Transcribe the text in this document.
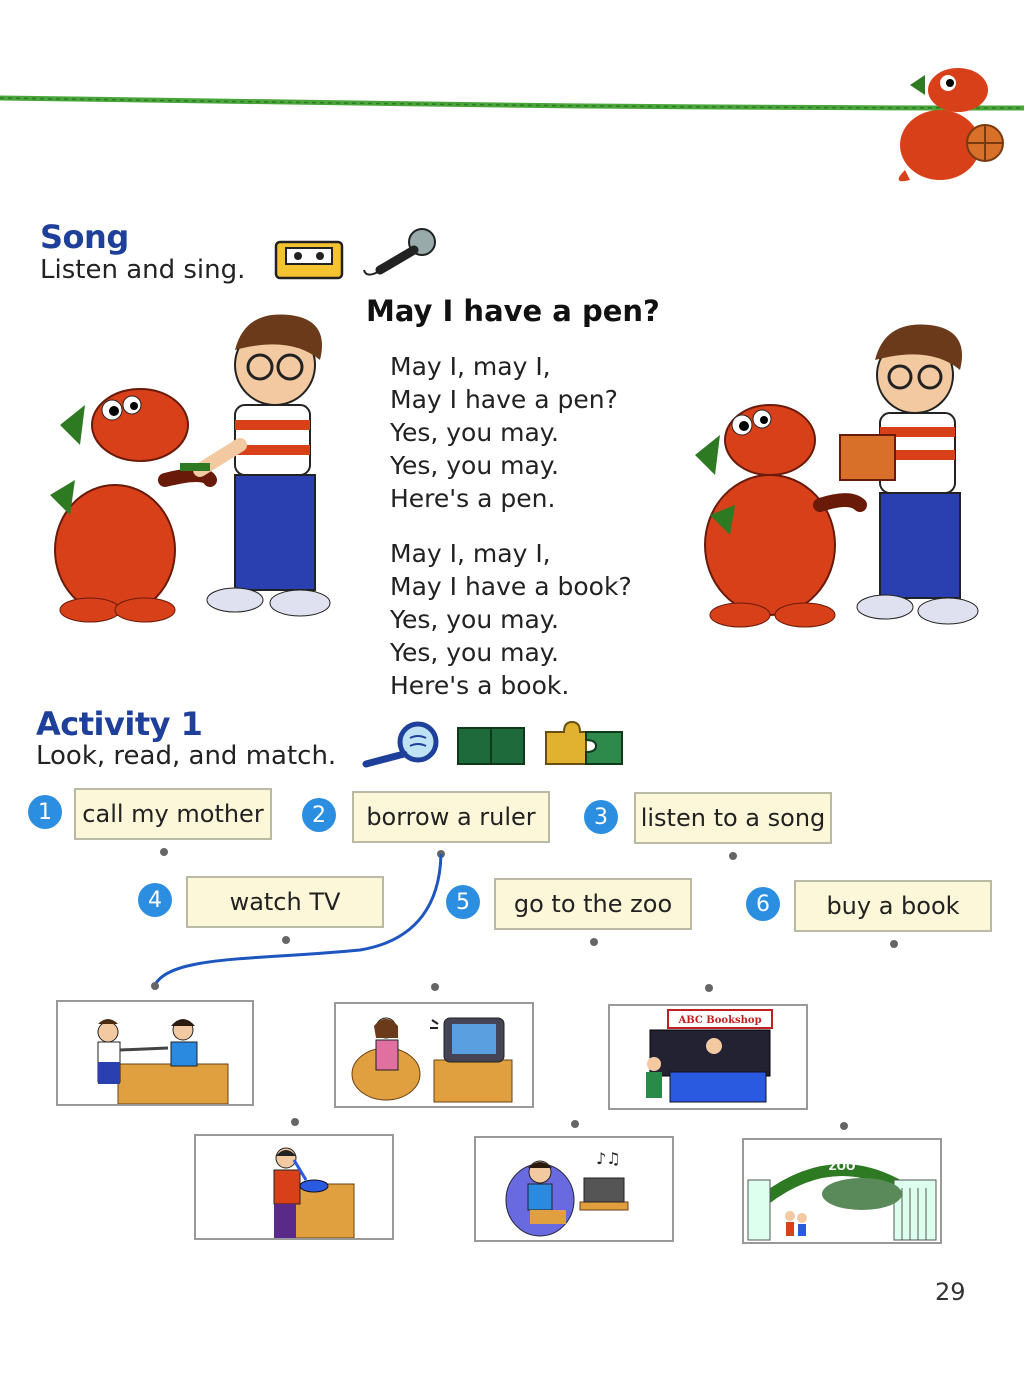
Song
Listen and sing.
May I have a pen?
May I, may I,
May I have a pen?
Yes, you may.
Yes, you may.
Here's a pen.
May I, may I,
May I have a book?
Yes, you may.
Yes, you may.
Here's a book.
Activity 1
Look, read, and match.
1	call my mother	2	borrow a ruler	3	listen to a song
4	watch TV	5	go to the zoo	6	buy a book
ABC Bookshop
♪♫	ZOO
29
